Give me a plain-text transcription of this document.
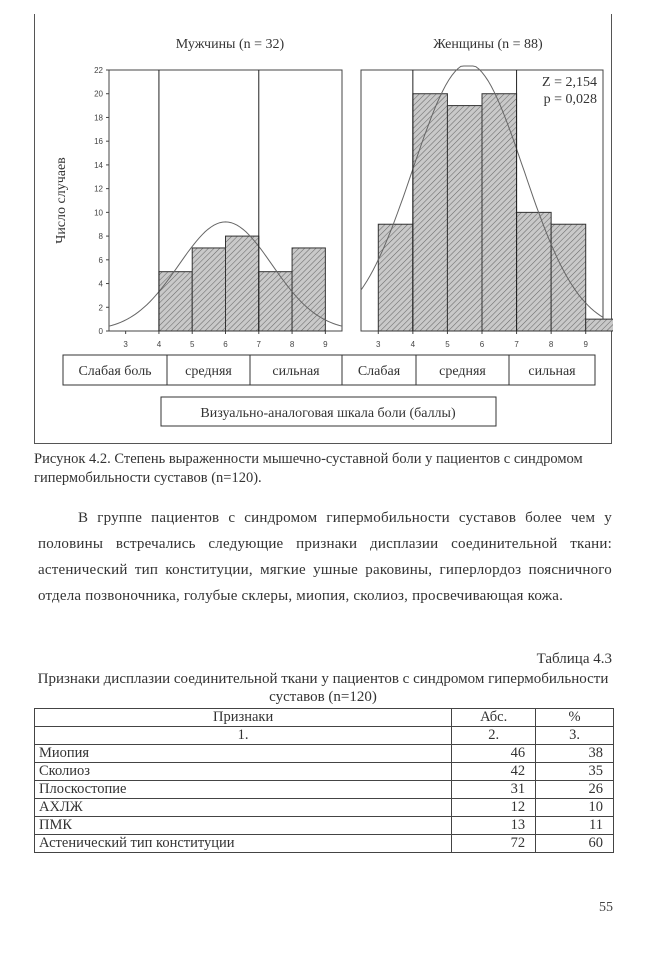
Мужчины (n = 32)
0
2
4
6
8
10
12
14
16
18
20
22
Число случаев
3	4	5	6	7	8	9
Женщины (n = 88)
3	4	5	6	7	8	9
Z = 2,154
p = 0,028
Слабая боль средняя	сильная	Слабая	средняя	сильная
Визуально-аналоговая шкала боли (баллы)
Рисунок 4.2. Степень выраженности мышечно-суставной боли у пациентов с синдромом гипермобильности суставов (n=120).
В группе пациентов с синдромом гипермобильности суставов более чем у половины встречались следующие признаки дисплазии соединительной ткани: астенический тип конституции, мягкие ушные раковины, гиперлордоз поясничного отдела позвоночника, голубые склеры, миопия, сколиоз, просвечивающая кожа.
Таблица 4.3
Признаки дисплазии соединительной ткани у пациентов с синдромом гипермобильности суставов (n=120)
Признаки	Абс.	%
1.	2.	3.
Миопия	46	38
Сколиоз	42	35
Плоскостопие	31	26
АХЛЖ	12	10
ПМК	13	11
Астенический тип конституции	72	60
55
